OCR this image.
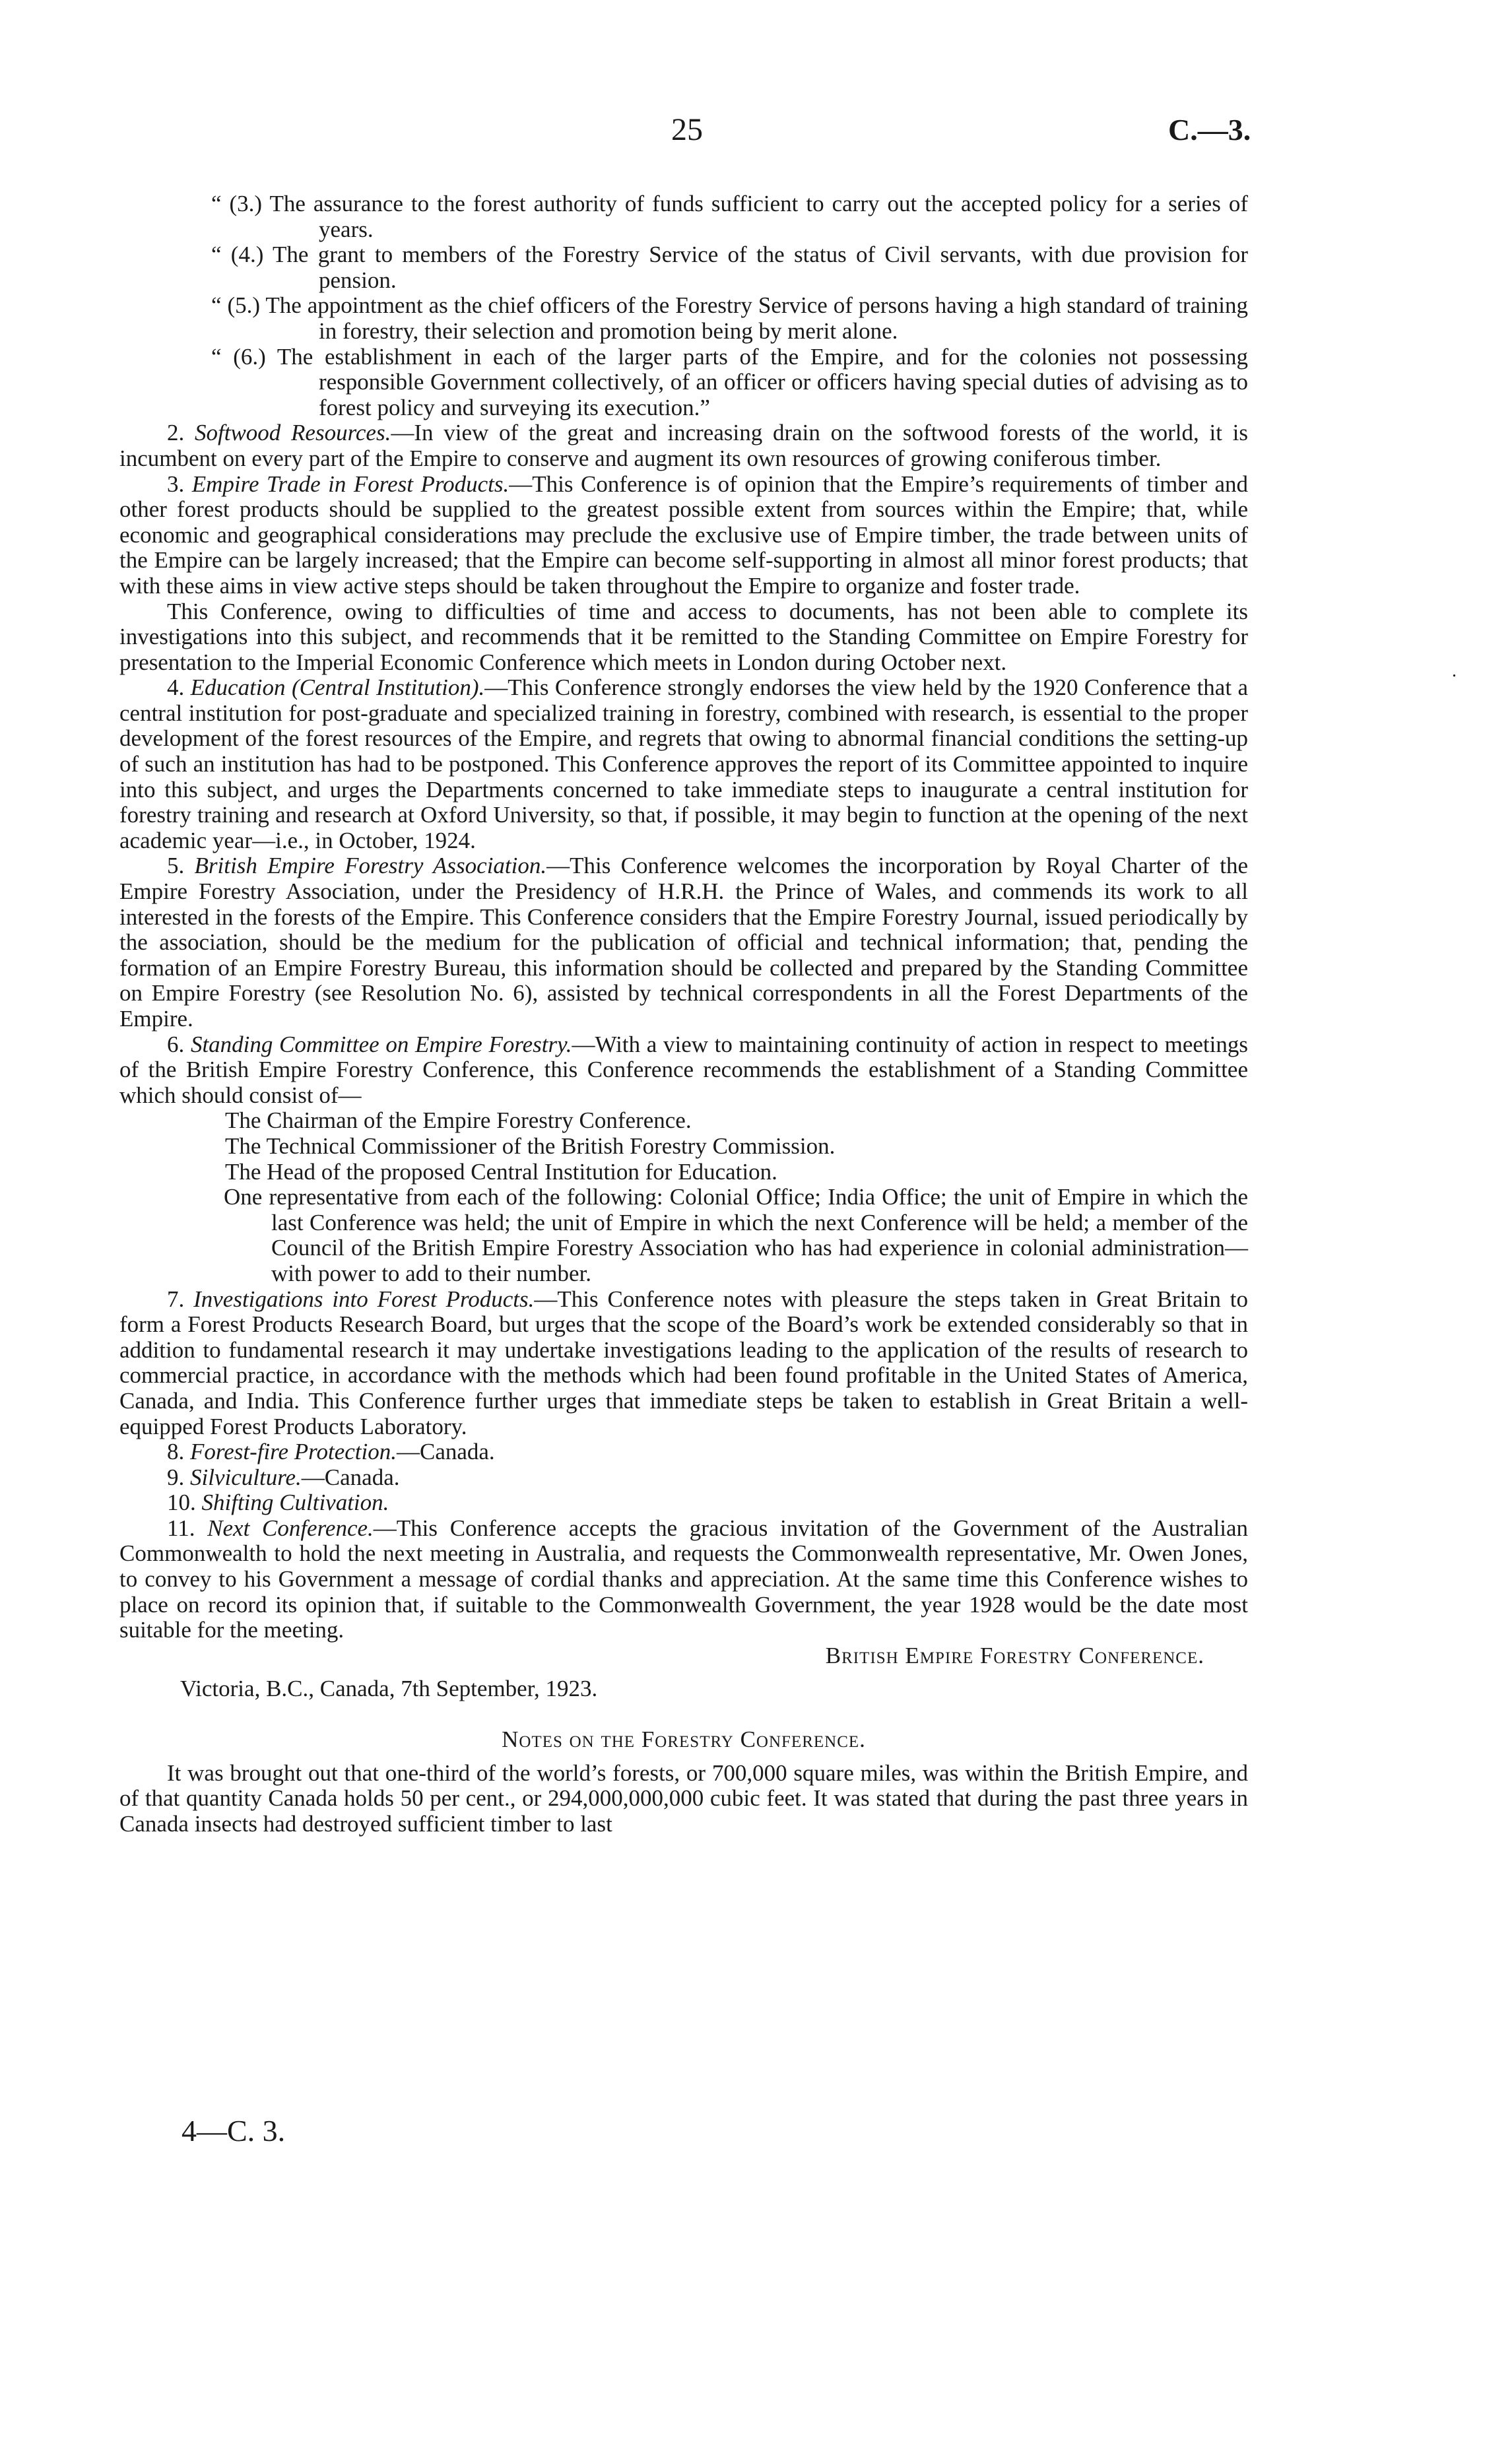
25	C.—3.

“ (3.) The assurance to the forest authority of funds sufficient to carry out the accepted policy for a series of years.

“ (4.) The grant to members of the Forestry Service of the status of Civil servants, with due provision for pension.

“ (5.) The appointment as the chief officers of the Forestry Service of persons having a high standard of training in forestry, their selection and promotion being by merit alone.

“ (6.) The establishment in each of the larger parts of the Empire, and for the colonies not possessing responsible Government collectively, of an officer or officers having special duties of advising as to forest policy and surveying its execution.”

2. Softwood Resources.—In view of the great and increasing drain on the softwood forests of the world, it is incumbent on every part of the Empire to conserve and augment its own resources of growing coniferous timber.

3. Empire Trade in Forest Products.—This Conference is of opinion that the Empire’s requirements of timber and other forest products should be supplied to the greatest possible extent from sources within the Empire; that, while economic and geographical considerations may preclude the exclusive use of Empire timber, the trade between units of the Empire can be largely increased; that the Empire can become self-supporting in almost all minor forest products; that with these aims in view active steps should be taken throughout the Empire to organize and foster trade.

This Conference, owing to difficulties of time and access to documents, has not been able to complete its investigations into this subject, and recommends that it be remitted to the Standing Committee on Empire Forestry for presentation to the Imperial Economic Conference which meets in London during October next.

4. Education (Central Institution).—This Conference strongly endorses the view held by the 1920 Conference that a central institution for post-graduate and specialized training in forestry, combined with research, is essential to the proper development of the forest resources of the Empire, and regrets that owing to abnormal financial conditions the setting-up of such an institution has had to be postponed. This Conference approves the report of its Committee appointed to inquire into this subject, and urges the Departments concerned to take immediate steps to inaugurate a central institution for forestry training and research at Oxford University, so that, if possible, it may begin to function at the opening of the next academic year—i.e., in October, 1924.

5. British Empire Forestry Association.—This Conference welcomes the incorporation by Royal Charter of the Empire Forestry Association, under the Presidency of H.R.H. the Prince of Wales, and commends its work to all interested in the forests of the Empire. This Conference considers that the Empire Forestry Journal, issued periodically by the association, should be the medium for the publication of official and technical information; that, pending the formation of an Empire Forestry Bureau, this information should be collected and prepared by the Standing Committee on Empire Forestry (see Resolution No. 6), assisted by technical correspondents in all the Forest Departments of the Empire.

6. Standing Committee on Empire Forestry.—With a view to maintaining continuity of action in respect to meetings of the British Empire Forestry Conference, this Conference recommends the establishment of a Standing Committee which should consist of—

The Chairman of the Empire Forestry Conference.

The Technical Commissioner of the British Forestry Commission.

The Head of the proposed Central Institution for Education.

One representative from each of the following: Colonial Office; India Office; the unit of Empire in which the last Conference was held; the unit of Empire in which the next Conference will be held; a member of the Council of the British Empire Forestry Association who has had experience in colonial administration—with power to add to their number.

7. Investigations into Forest Products.—This Conference notes with pleasure the steps taken in Great Britain to form a Forest Products Research Board, but urges that the scope of the Board’s work be extended considerably so that in addition to fundamental research it may undertake investigations leading to the application of the results of research to commercial practice, in accordance with the methods which had been found profitable in the United States of America, Canada, and India. This Conference further urges that immediate steps be taken to establish in Great Britain a well-equipped Forest Products Laboratory.

8. Forest-fire Protection.—Canada.

9. Silviculture.—Canada.

10. Shifting Cultivation.

11. Next Conference.—This Conference accepts the gracious invitation of the Government of the Australian Commonwealth to hold the next meeting in Australia, and requests the Commonwealth representative, Mr. Owen Jones, to convey to his Government a message of cordial thanks and appreciation. At the same time this Conference wishes to place on record its opinion that, if suitable to the Commonwealth Government, the year 1928 would be the date most suitable for the meeting.

British Empire Forestry Conference.

Victoria, B.C., Canada, 7th September, 1923.

Notes on the Forestry Conference.

It was brought out that one-third of the world’s forests, or 700,000 square miles, was within the British Empire, and of that quantity Canada holds 50 per cent., or 294,000,000,000 cubic feet. It was stated that during the past three years in Canada insects had destroyed sufficient timber to last

.
4—C. 3.
